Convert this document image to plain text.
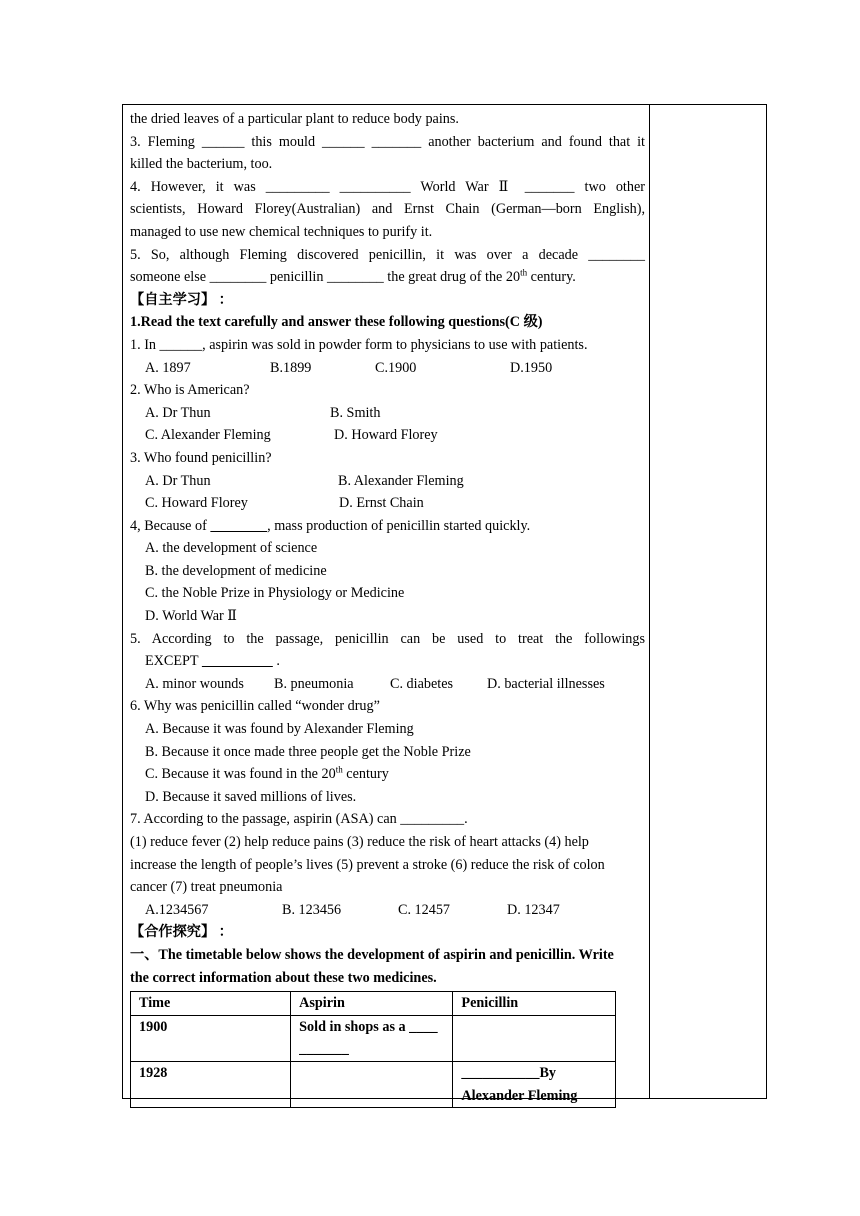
the dried leaves of a particular plant to reduce body pains.
3. Fleming ______ this mould ______ _______ another bacterium and found that it
killed the bacterium, too.
4. However, it was _________ __________ World War Ⅱ _______ two other
scientists, Howard Florey(Australian) and Ernst Chain (German—born English),
managed to use new chemical techniques to purify it.
5. So, although Fleming discovered penicillin, it was over a decade ________
someone else ________ penicillin ________ the great drug of the 20th century.
【自主学习】 ：
1.Read the text carefully and answer these following questions(C 级)
1. In ______, aspirin was sold in powder form to physicians to use with patients.
A. 1897	B.1899	C.1900	D.1950
2. Who is American?
A. Dr Thun	B. Smith
C. Alexander Fleming	D. Howard Florey
3. Who found penicillin?
A. Dr Thun	B. Alexander Fleming
C. Howard Florey	D. Ernst Chain
4, Because of	, mass production of penicillin started quickly.
A. the development of science
B. the development of medicine
C. the Noble Prize in Physiology or Medicine
D. World War Ⅱ
5. According to the passage, penicillin can be used to treat the followings
EXCEPT	.
A. minor wounds	B. pneumonia	C. diabetes	D. bacterial illnesses
6. Why was penicillin called “wonder drug”
A. Because it was found by Alexander Fleming
B. Because it once made three people get the Noble Prize
C. Because it was found in the 20th century
D. Because it saved millions of lives.
7. According to the passage, aspirin (ASA) can _________.
(1) reduce fever (2) help reduce pains (3) reduce the risk of heart attacks (4) help
increase the length of people’s lives (5) prevent a stroke (6) reduce the risk of colon
cancer (7) treat pneumonia
A.1234567	B. 123456	C. 12457	D. 12347
【合作探究】 ：
一、The timetable below shows the development of aspirin and penicillin. Write
the correct information about these two medicines.
Time	Aspirin	Penicillin
1900	Sold in shops as a ____
_______	
1928		___________By
Alexander Fleming
